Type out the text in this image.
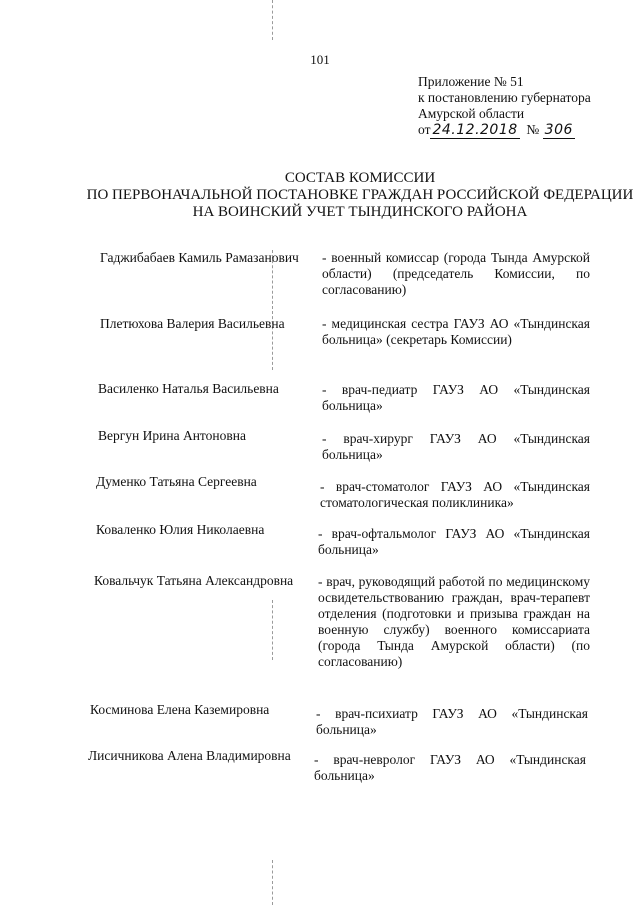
101
Приложение № 51
к постановлению губернатора
Амурской области
от 24.12.2018 № 306
СОСТАВ КОМИССИИ
ПО ПЕРВОНАЧАЛЬНОЙ ПОСТАНОВКЕ ГРАЖДАН РОССИЙСКОЙ ФЕДЕРАЦИИ
НА ВОИНСКИЙ УЧЕТ ТЫНДИНСКОГО РАЙОНА
Гаджибабаев Камиль Рамазанович - военный комиссар (города Тында Амурской области) (председатель Комиссии, по согласованию)
Плетюхова Валерия Васильевна	- медицинская сестра ГАУЗ АО «Тындинская больница» (секретарь Комиссии)
Василенко Наталья Васильевна	- врач-педиатр ГАУЗ АО «Тындинская больница»
Вергун Ирина Антоновна	- врач-хирург ГАУЗ АО «Тындинская больница»
Думенко Татьяна Сергеевна	- врач-стоматолог ГАУЗ АО «Тындинская стоматологическая поликлиника»
Коваленко Юлия Николаевна	- врач-офтальмолог ГАУЗ АО «Тындинская больница»
Ковальчук Татьяна Александровна - врач, руководящий работой по медицинскому освидетельствованию граждан, врач-терапевт отделения (подготовки и призыва граждан на военную службу) военного комиссариата (города Тында Амурской области) (по согласованию)
Косминова Елена Каземировна	- врач-психиатр ГАУЗ АО «Тындинская больница»
Лисичникова Алена Владимировна - врач-невролог ГАУЗ АО «Тындинская больница»
